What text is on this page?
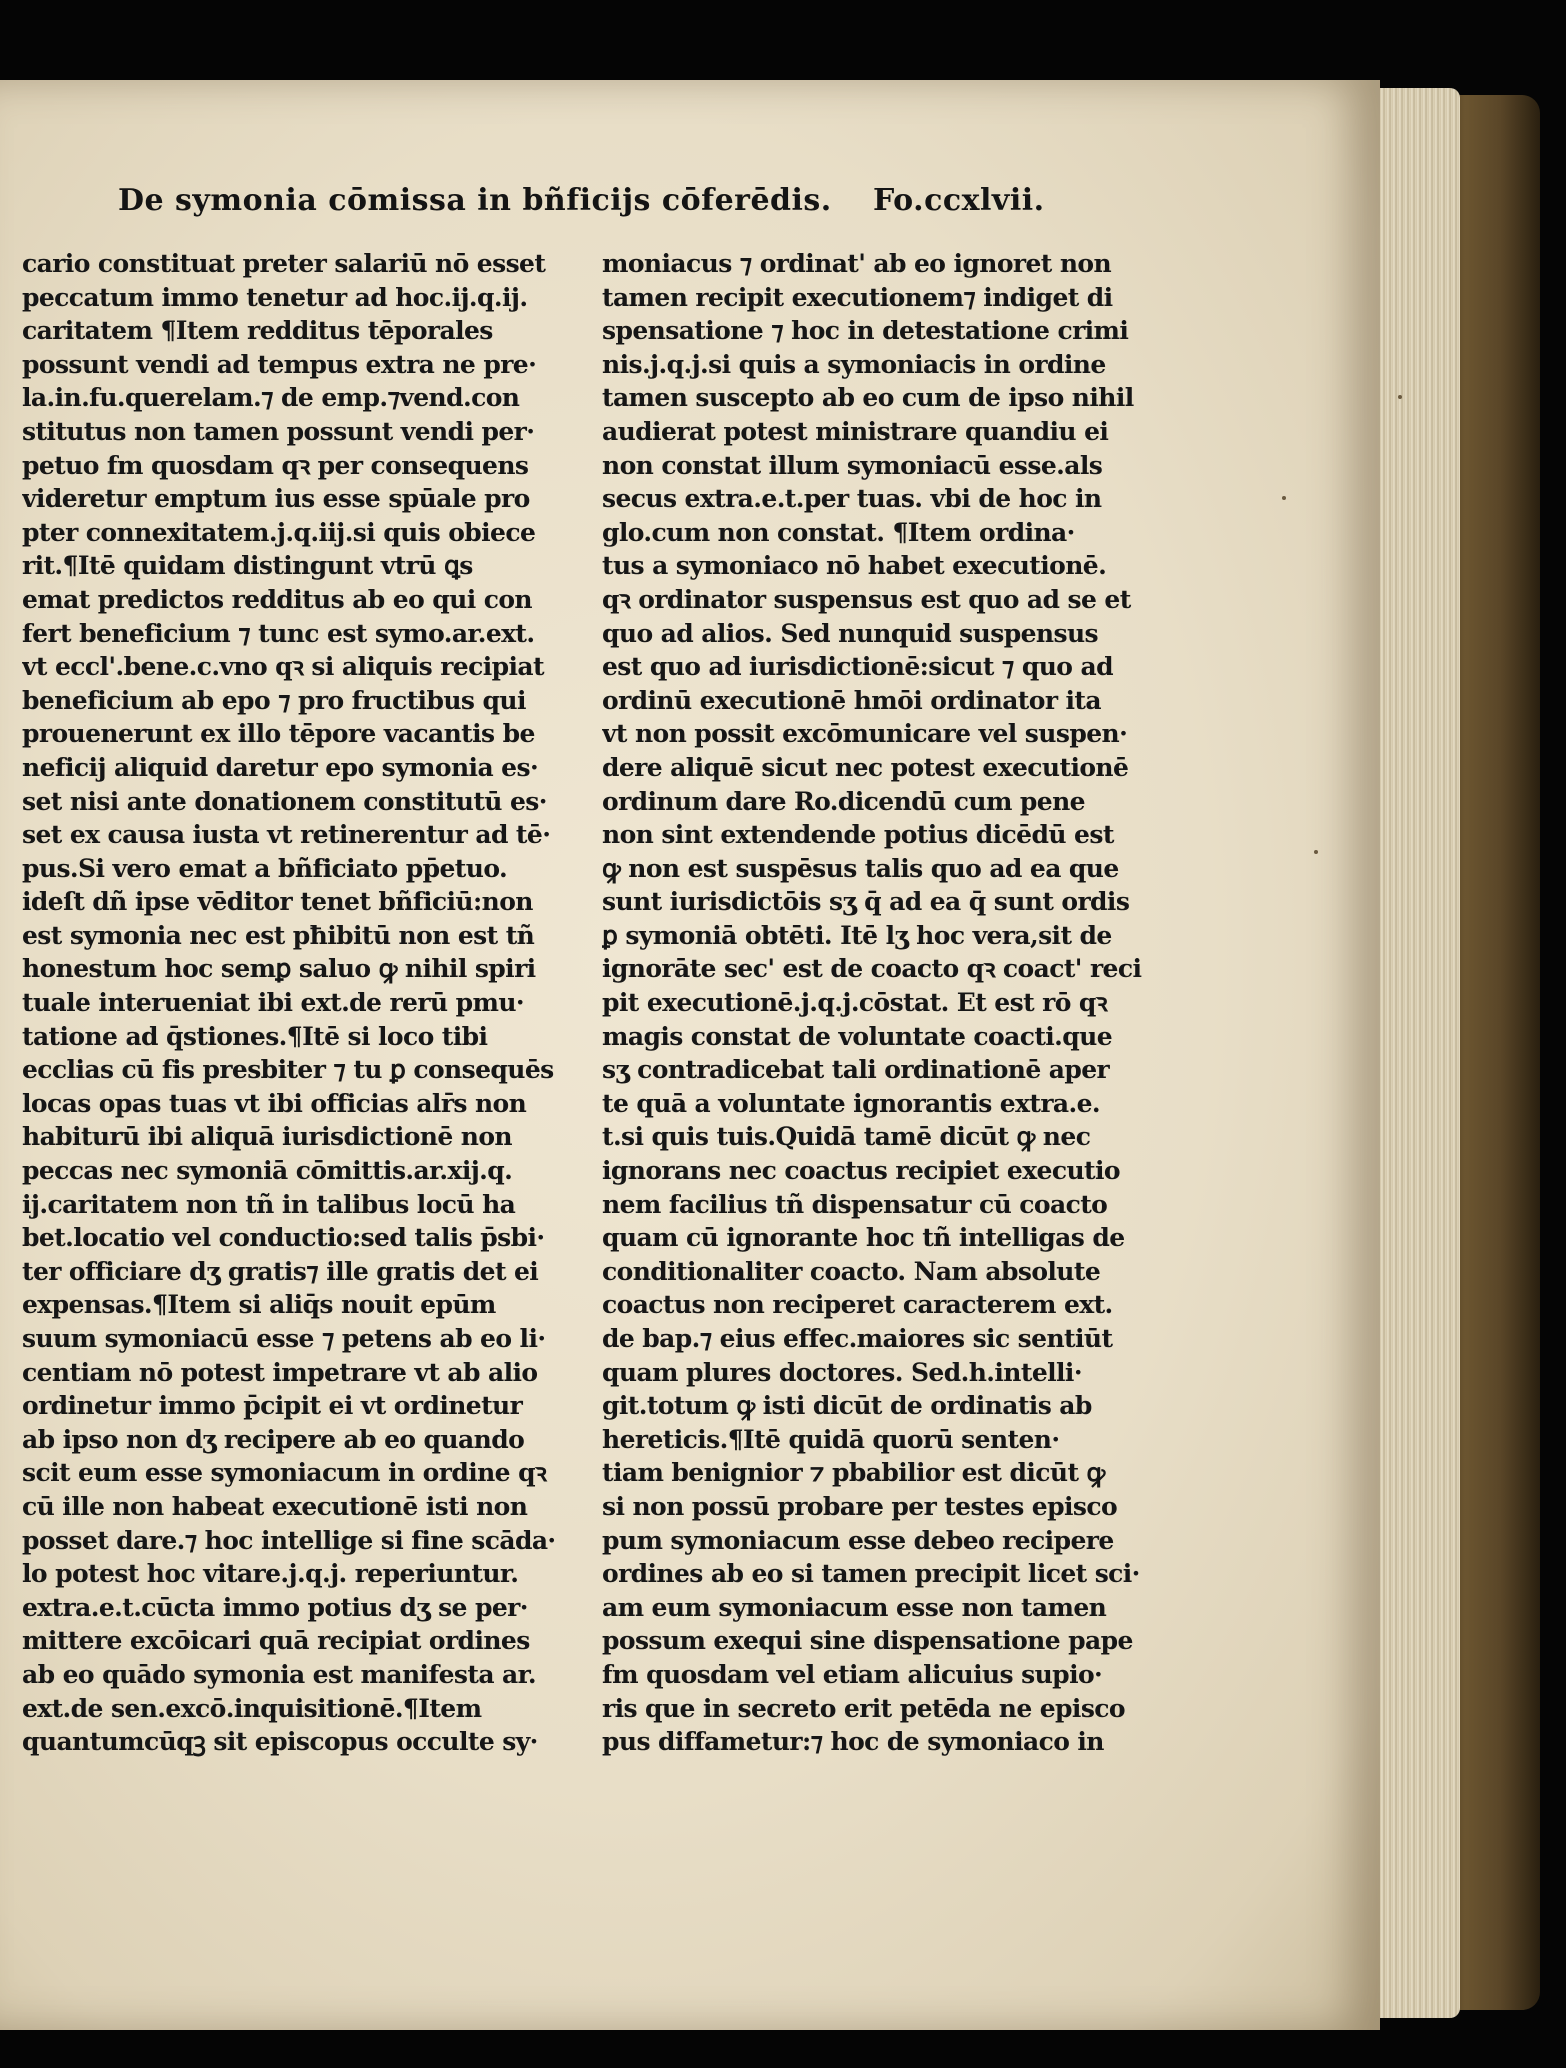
De symonia cōmissa in bñficijs cōferēdis. Fo.ccxlvii.
cario constituat preter salariū nō esset
peccatum immo tenetur ad hoc.ij.q.ij.
caritatem ¶Item redditus tēporales
possunt vendi ad tempus extra ne pre·
la.in.fu.querelam.⁊ de emp.⁊vend.con
stitutus non tamen possunt vendi per·
petuo fm quosdam qꝛ per consequens
videretur emptum ius esse spūale pro
pter connexitatem.j.q.iij.si quis obiece
rit.¶Itē quidam distingunt vtrū ꝗs
emat predictos redditus ab eo qui con
fert beneficium ⁊ tunc est symo.ar.ext.
vt eccl'.bene.c.vno qꝛ si aliquis recipiat
beneficium ab epo ⁊ pro fructibus qui
prouenerunt ex illo tēpore vacantis be
neficij aliquid daretur epo symonia es·
set nisi ante donationem constitutū es·
set ex causa iusta vt retinerentur ad tē·
pus.Si vero emat a bñficiato pp̄etuo.
ideſt dñ ipse vēditor tenet bñficiū:non
est symonia nec est pħibitū non est tñ
honestum hoc semꝑ saluo ꝙ nihil spiri
tuale interueniat ibi ext.de rerū pmu·
tatione ad q̄stiones.¶Itē si loco tibi
ecclias cū fis presbiter ⁊ tu ꝑ consequēs
locas opas tuas vt ibi officias alr̄s non
habiturū ibi aliquā iurisdictionē non
peccas nec symoniā cōmittis.ar.xij.q.
ij.caritatem non tñ in talibus locū ha
bet.locatio vel conductio:sed talis p̄sbi·
ter officiare dʒ gratis⁊ ille gratis det ei
expensas.¶Item si aliq̄s nouit epūm
suum symoniacū esse ⁊ petens ab eo li·
centiam nō potest impetrare vt ab alio
ordinetur immo p̄cipit ei vt ordinetur
ab ipso non dʒ recipere ab eo quando
scit eum esse symoniacum in ordine qꝛ
cū ille non habeat executionē isti non
posset dare.⁊ hoc intellige si fine scāda·
lo potest hoc vitare.j.q.j. reperiuntur.
extra.e.t.cūcta immo potius dʒ se per·
mittere excōicari quā recipiat ordines
ab eo quādo symonia est manifesta ar.
ext.de sen.excō.inquisitionē.¶Item
quantumcūqꝫ sit episcopus occulte sy·
moniacus ⁊ ordinat' ab eo ignoret non
tamen recipit executionem⁊ indiget di
spensatione ⁊ hoc in detestatione crimi
nis.j.q.j.si quis a symoniacis in ordine
tamen suscepto ab eo cum de ipso nihil
audierat potest ministrare quandiu ei
non constat illum symoniacū esse.als
secus extra.e.t.per tuas. vbi de hoc in
glo.cum non constat. ¶Item ordina·
tus a symoniaco nō habet executionē.
qꝛ ordinator suspensus est quo ad se et
quo ad alios. Sed nunquid suspensus
est quo ad iurisdictionē:sicut ⁊ quo ad
ordinū executionē hmōi ordinator ita
vt non possit excōmunicare vel suspen·
dere aliquē sicut nec potest executionē
ordinum dare Ro.dicendū cum pene
non sint extendende potius dicēdū est
ꝙ non est suspēsus talis quo ad ea que
sunt iurisdictōis sʒ q̄ ad ea q̄ sunt ordis
ꝑ symoniā obtēti. Itē lʒ hoc vera,sit de
ignorāte sec' est de coacto qꝛ coact' reci
pit executionē.j.q.j.cōstat. Et est rō qꝛ
magis constat de voluntate coacti.que
sʒ contradicebat tali ordinationē aper
te quā a voluntate ignorantis extra.e.
t.si quis tuis.Quidā tamē dicūt ꝙ nec
ignorans nec coactus recipiet executio
nem facilius tñ dispensatur cū coacto
quam cū ignorante hoc tñ intelligas de
conditionaliter coacto. Nam absolute
coactus non reciperet caracterem ext.
de bap.⁊ eius effec.maiores sic sentiūt
quam plures doctores. Sed.h.intelli·
git.totum ꝙ isti dicūt de ordinatis ab
hereticis.¶Itē quidā quorū senten·
tiam benignior ⁊ pbabilior est dicūt ꝙ
si non possū probare per testes episco
pum symoniacum esse debeo recipere
ordines ab eo si tamen precipit licet sci·
am eum symoniacum esse non tamen
possum exequi sine dispensatione pape
fm quosdam vel etiam alicuius supio·
ris que in secreto erit petēda ne episco
pus diffametur:⁊ hoc de symoniaco in
